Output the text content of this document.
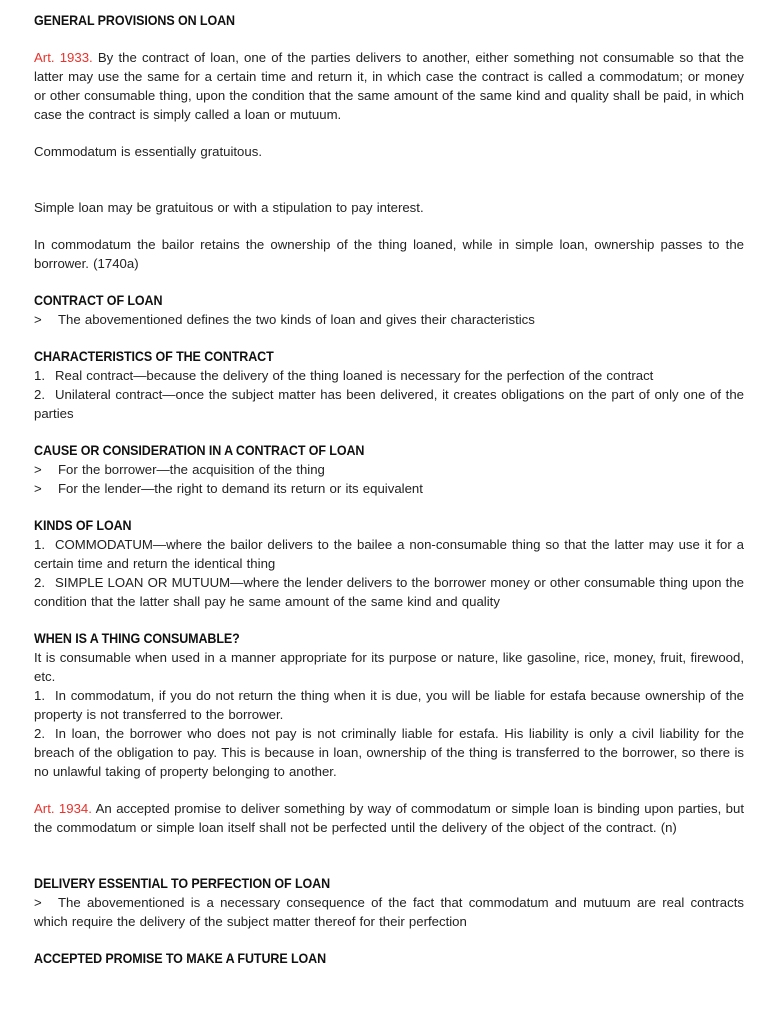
GENERAL PROVISIONS ON LOAN
Art. 1933. By the contract of loan, one of the parties delivers to another, either something not consumable so that the latter may use the same for a certain time and return it, in which case the contract is called a commodatum; or money or other consumable thing, upon the condition that the same amount of the same kind and quality shall be paid, in which case the contract is simply called a loan or mutuum.
Commodatum is essentially gratuitous.
Simple loan may be gratuitous or with a stipulation to pay interest.
In commodatum the bailor retains the ownership of the thing loaned, while in simple loan, ownership passes to the borrower. (1740a)
CONTRACT OF LOAN
> The abovementioned defines the two kinds of loan and gives their characteristics
CHARACTERISTICS OF THE CONTRACT
1. Real contract—because the delivery of the thing loaned is necessary for the perfection of the contract
2. Unilateral contract—once the subject matter has been delivered, it creates obligations on the part of only one of the parties
CAUSE OR CONSIDERATION IN A CONTRACT OF LOAN
> For the borrower—the acquisition of the thing
> For the lender—the right to demand its return or its equivalent
KINDS OF LOAN
1. COMMODATUM—where the bailor delivers to the bailee a non-consumable thing so that the latter may use it for a certain time and return the identical thing
2. SIMPLE LOAN OR MUTUUM—where the lender delivers to the borrower money or other consumable thing upon the condition that the latter shall pay he same amount of the same kind and quality
WHEN IS A THING CONSUMABLE?
It is consumable when used in a manner appropriate for its purpose or nature, like gasoline, rice, money, fruit, firewood, etc.
1. In commodatum, if you do not return the thing when it is due, you will be liable for estafa because ownership of the property is not transferred to the borrower.
2. In loan, the borrower who does not pay is not criminally liable for estafa. His liability is only a civil liability for the breach of the obligation to pay. This is because in loan, ownership of the thing is transferred to the borrower, so there is no unlawful taking of property belonging to another.
Art. 1934. An accepted promise to deliver something by way of commodatum or simple loan is binding upon parties, but the commodatum or simple loan itself shall not be perfected until the delivery of the object of the contract. (n)
DELIVERY ESSENTIAL TO PERFECTION OF LOAN
> The abovementioned is a necessary consequence of the fact that commodatum and mutuum are real contracts which require the delivery of the subject matter thereof for their perfection
ACCEPTED PROMISE TO MAKE A FUTURE LOAN
